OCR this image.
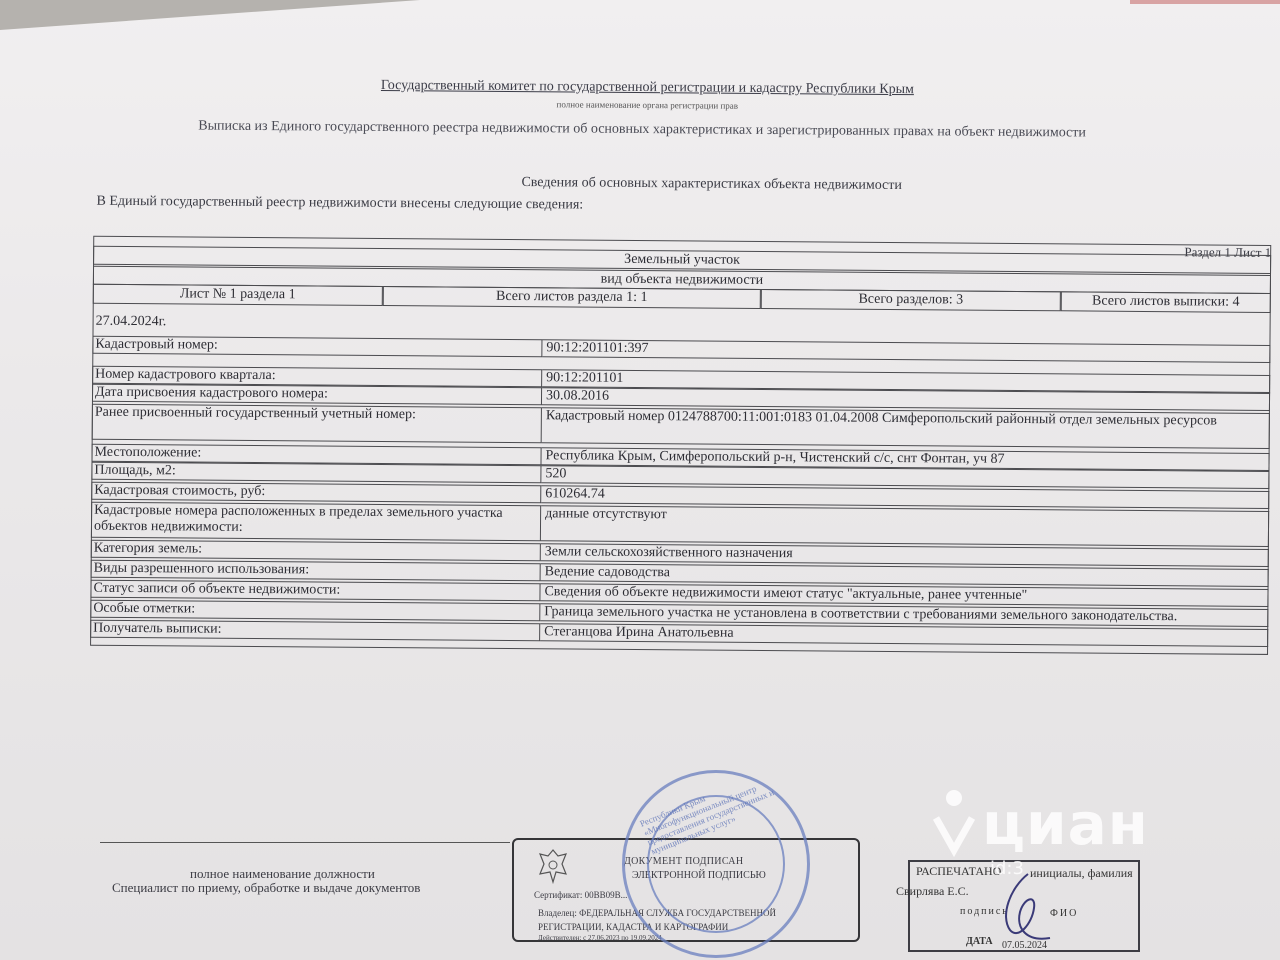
Государственный комитет по государственной регистрации и кадастру Республики Крым
полное наименование органа регистрации прав
Выписка из Единого государственного реестра недвижимости об основных характеристиках и зарегистрированных правах на объект недвижимости
Сведения об основных характеристиках объекта недвижимости
В Единый государственный реестр недвижимости внесены следующие сведения:
Раздел 1 Лист 1
Земельный участок
вид объекта недвижимости
Лист № 1 раздела 1	Всего листов раздела 1: 1	Всего разделов: 3	Всего листов выписки: 4
27.04.2024г.
Кадастровый номер:	90:12:201101:397
Номер кадастрового квартала:	90:12:201101
Дата присвоения кадастрового номера:	30.08.2016
Ранее присвоенный государственный учетный номер:	Кадастровый номер 0124788700:11:001:0183 01.04.2008 Симферопольский районный отдел земельных ресурсов
Местоположение:	Республика Крым, Симферопольский р-н, Чистенский с/с, снт Фонтан, уч 87
Площадь, м2:	520
Кадастровая стоимость, руб:	610264.74
Кадастровые номера расположенных в пределах земельного участка объектов недвижимости:
данные отсутствуют
Категория земель:	Земли сельскохозяйственного назначения
Виды разрешенного использования:	Ведение садоводства
Статус записи об объекте недвижимости:	Сведения об объекте недвижимости имеют статус "актуальные, ранее учтенные"
Особые отметки:	Граница земельного участка не установлена в соответствии с требованиями земельного законодательства.
Получатель выписки:	Стеганцова Ирина Анатольевна
полное наименование должности
Специалист по приему, обработке и выдаче документов
ДОКУМЕНТ ПОДПИСАН
ЭЛЕКТРОННОЙ ПОДПИСЬЮ
Сертификат: 00BB09B...
Владелец: ФЕДЕРАЛЬНАЯ СЛУЖБА ГОСУДАРСТВЕННОЙ
РЕГИСТРАЦИИ, КАДАСТРА И КАРТОГРАФИИ
Действителен: с 27.06.2023 по 19.09.2024
Республики Крым «Многофункциональный центр предоставления государственных и муниципальных услуг»
РАСПЕЧАТАНО инициалы, фамилия
подпись	ФИО
ДАТА 07.05.2024
Свирлява Е.С.
циан
id:3
